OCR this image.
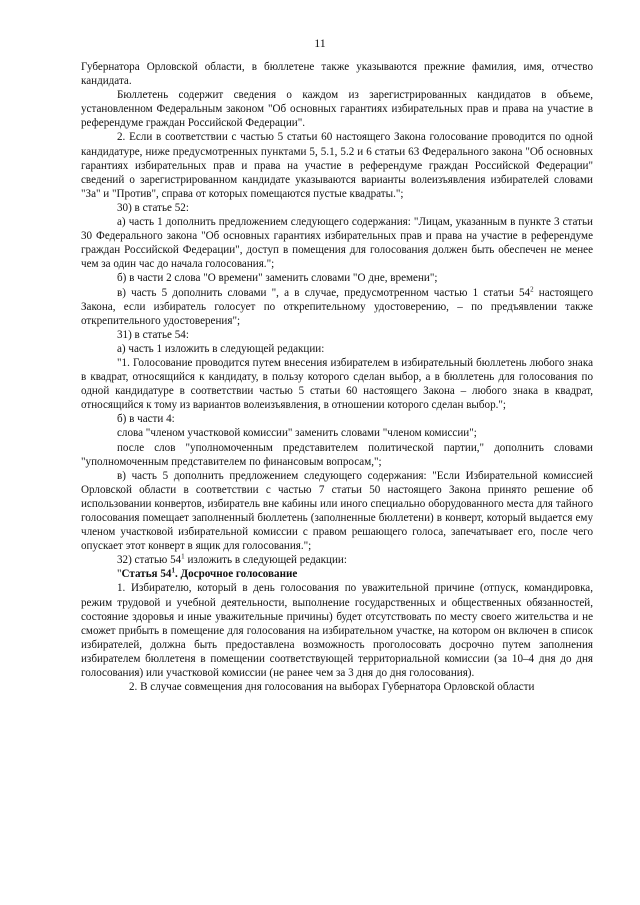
11

Губернатора Орловской области, в бюллетене также указываются прежние фамилия, имя, отчество кандидата.

Бюллетень содержит сведения о каждом из зарегистрированных кандидатов в объеме, установленном Федеральным законом "Об основных гарантиях избирательных прав и права на участие в референдуме граждан Российской Федерации".

2. Если в соответствии с частью 5 статьи 60 настоящего Закона голосование проводится по одной кандидатуре, ниже предусмотренных пунктами 5, 5.1, 5.2 и 6 статьи 63 Федерального закона "Об основных гарантиях избирательных прав и права на участие в референдуме граждан Российской Федерации" сведений о зарегистрированном кандидате указываются варианты волеизъявления избирателей словами "За" и "Против", справа от которых помещаются пустые квадраты.";

30) в статье 52:

а) часть 1 дополнить предложением следующего содержания: "Лицам, указанным в пункте 3 статьи 30 Федерального закона "Об основных гарантиях избирательных прав и права на участие в референдуме граждан Российской Федерации", доступ в помещения для голосования должен быть обеспечен не менее чем за один час до начала голосования.";

б) в части 2 слова "О времени" заменить словами "О дне, времени";

в) часть 5 дополнить словами ", а в случае, предусмотренном частью 1 статьи $54^2$ настоящего Закона, если избиратель голосует по открепительному удостоверению, – по предъявлении также открепительного удостоверения";

31) в статье 54:

а) часть 1 изложить в следующей редакции:

"1. Голосование проводится путем внесения избирателем в избирательный бюллетень любого знака в квадрат, относящийся к кандидату, в пользу которого сделан выбор, а в бюллетень для голосования по одной кандидатуре в соответствии частью 5 статьи 60 настоящего Закона – любого знака в квадрат, относящийся к тому из вариантов волеизъявления, в отношении которого сделан выбор.";

б) в части 4:

слова "членом участковой комиссии" заменить словами "членом комиссии";

после слов "уполномоченным представителем политической партии," дополнить словами "уполномоченным представителем по финансовым вопросам,";

в) часть 5 дополнить предложением следующего содержания: "Если Избирательной комиссией Орловской области в соответствии с частью 7 статьи 50 настоящего Закона принято решение об использовании конвертов, избиратель вне кабины или иного специально оборудованного места для тайного голосования помещает заполненный бюллетень (заполненные бюллетени) в конверт, который выдается ему членом участковой избирательной комиссии с правом решающего голоса, запечатывает его, после чего опускает этот конверт в ящик для голосования.";

32) статью $54^1$ изложить в следующей редакции:

"Статья $54^1$. Досрочное голосование

1. Избирателю, который в день голосования по уважительной причине (отпуск, командировка, режим трудовой и учебной деятельности, выполнение государственных и общественных обязанностей, состояние здоровья и иные уважительные причины) будет отсутствовать по месту своего жительства и не сможет прибыть в помещение для голосования на избирательном участке, на котором он включен в список избирателей, должна быть предоставлена возможность проголосовать досрочно путем заполнения избирателем бюллетеня в помещении соответствующей территориальной комиссии (за 10–4 дня до дня голосования) или участковой комиссии (не ранее чем за 3 дня до дня голосования).

2. В случае совмещения дня голосования на выборах Губернатора Орловской области
